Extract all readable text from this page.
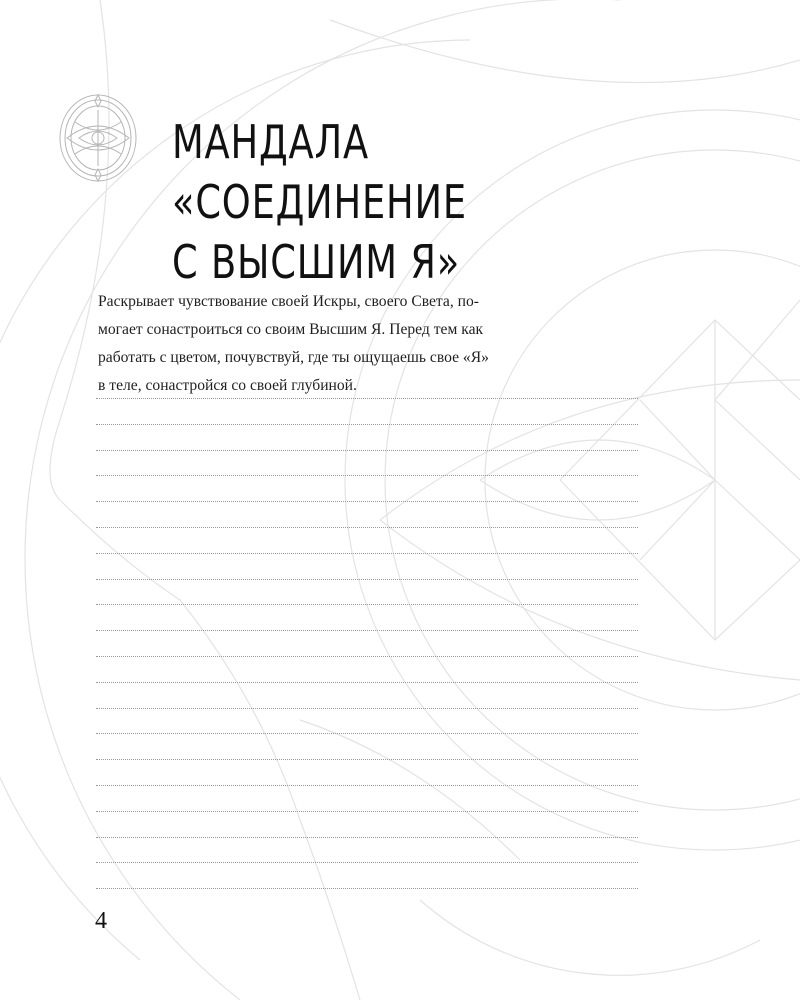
МАНДАЛА
«СОЕДИНЕНИЕ
С ВЫСШИМ Я»

Раскрывает чувствование своей Искры, своего Света, по-
могает сонастроиться со своим Высшим Я. Перед тем как
работать с цветом, почувствуй, где ты ощущаешь свое «Я»
в теле, сонастройся со своей глубиной.

4
